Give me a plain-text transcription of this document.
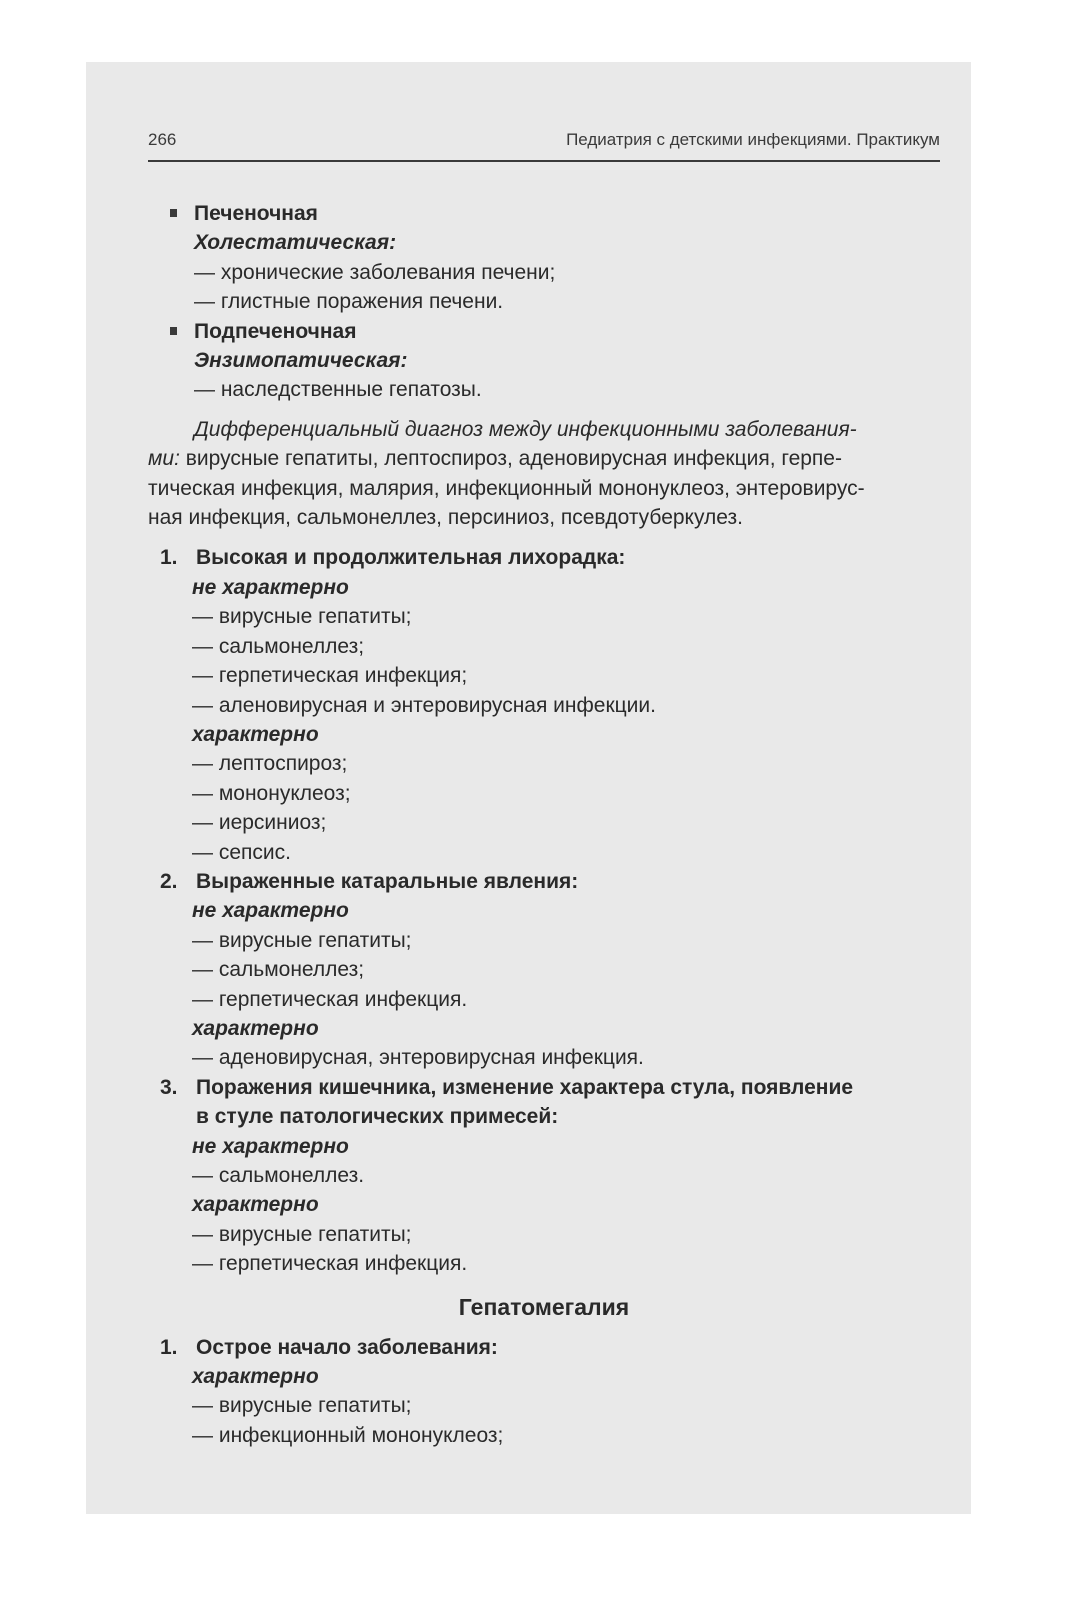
266	Педиатрия с детскими инфекциями. Практикум
Печеночная
Холестатическая:
— хронические заболевания печени;
— глистные поражения печени.
Подпеченочная
Энзимопатическая:
— наследственные гепатозы.
Дифференциальный диагноз между инфекционными заболевания-
ми: вирусные гепатиты, лептоспироз, аденовирусная инфекция, герпе-
тическая инфекция, малярия, инфекционный мононуклеоз, энтеровирус-
ная инфекция, сальмонеллез, персиниоз, псевдотуберкулез.
1. Высокая и продолжительная лихорадка:
не характерно
— вирусные гепатиты;
— сальмонеллез;
— герпетическая инфекция;
— аленовирусная и энтеровирусная инфекции.
характерно
— лептоспироз;
— мононуклеоз;
— иерсиниоз;
— сепсис.
2. Выраженные катаральные явления:
не характерно
— вирусные гепатиты;
— сальмонеллез;
— герпетическая инфекция.
характерно
— аденовирусная, энтеровирусная инфекция.
3. Поражения кишечника, изменение характера стула, появление
в стуле патологических примесей:
не характерно
— сальмонеллез.
характерно
— вирусные гепатиты;
— герпетическая инфекция.
Гепатомегалия
1. Острое начало заболевания:
характерно
— вирусные гепатиты;
— инфекционный мононуклеоз;
